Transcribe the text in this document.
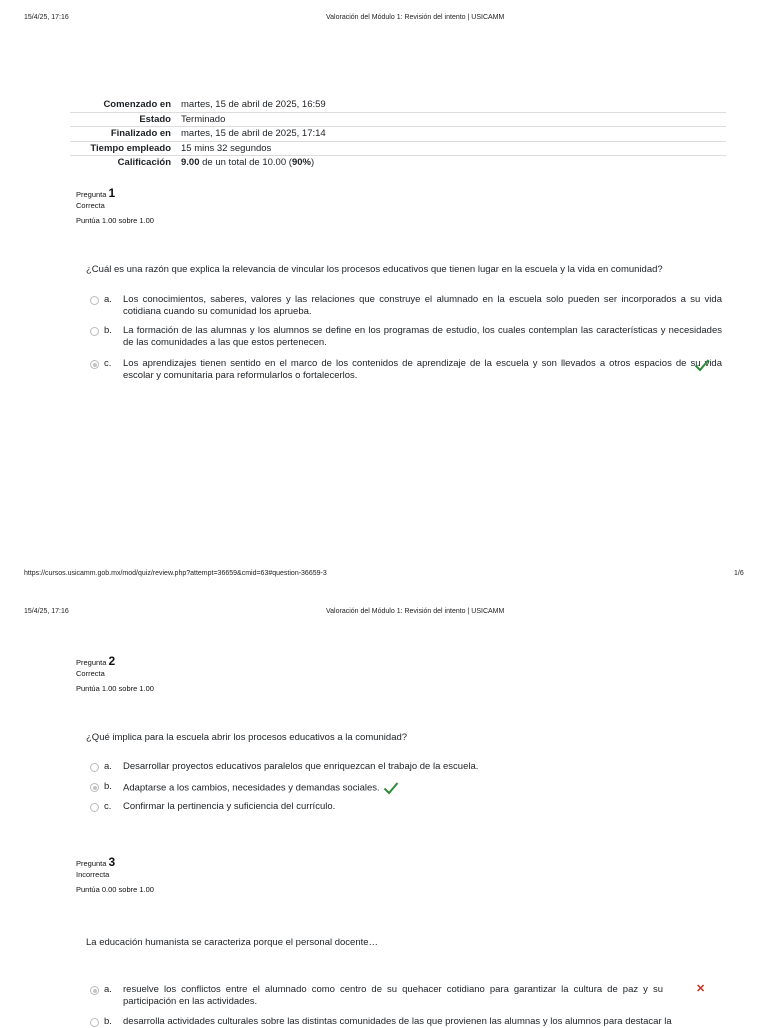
15/4/25, 17:16	Valoración del Módulo 1: Revisión del intento | USICAMM
Comenzado en	martes, 15 de abril de 2025, 16:59
Estado	Terminado
Finalizado en	martes, 15 de abril de 2025, 17:14
Tiempo empleado	15 mins 32 segundos
Calificación	9.00 de un total de 10.00 (90%)
Pregunta 1
Correcta
Puntúa 1.00 sobre 1.00
¿Cuál es una razón que explica la relevancia de vincular los procesos educativos que tienen lugar en la escuela y la vida en comunidad?
a. Los conocimientos, saberes, valores y las relaciones que construye el alumnado en la escuela solo pueden ser incorporados a su vida cotidiana cuando su comunidad los aprueba.
b. La formación de las alumnas y los alumnos se define en los programas de estudio, los cuales contemplan las características y necesidades de las comunidades a las que estos pertenecen.
c. Los aprendizajes tienen sentido en el marco de los contenidos de aprendizaje de la escuela y son llevados a otros espacios de su vida escolar y comunitaria para reformularlos o fortalecerlos.
https://cursos.usicamm.gob.mx/mod/quiz/review.php?attempt=36659&cmid=63#question-36659-3	1/6
15/4/25, 17:16	Valoración del Módulo 1: Revisión del intento | USICAMM
Pregunta 2
Correcta
Puntúa 1.00 sobre 1.00
¿Qué implica para la escuela abrir los procesos educativos a la comunidad?
a. Desarrollar proyectos educativos paralelos que enriquezcan el trabajo de la escuela.
b. Adaptarse a los cambios, necesidades y demandas sociales.
c. Confirmar la pertinencia y suficiencia del currículo.
Pregunta 3
Incorrecta
Puntúa 0.00 sobre 1.00
La educación humanista se caracteriza porque el personal docente…
a. resuelve los conflictos entre el alumnado como centro de su quehacer cotidiano para garantizar la cultura de paz y su participación en las actividades.
✕
b. desarrolla actividades culturales sobre las distintas comunidades de las que provienen las alumnas y los alumnos para destacar la
